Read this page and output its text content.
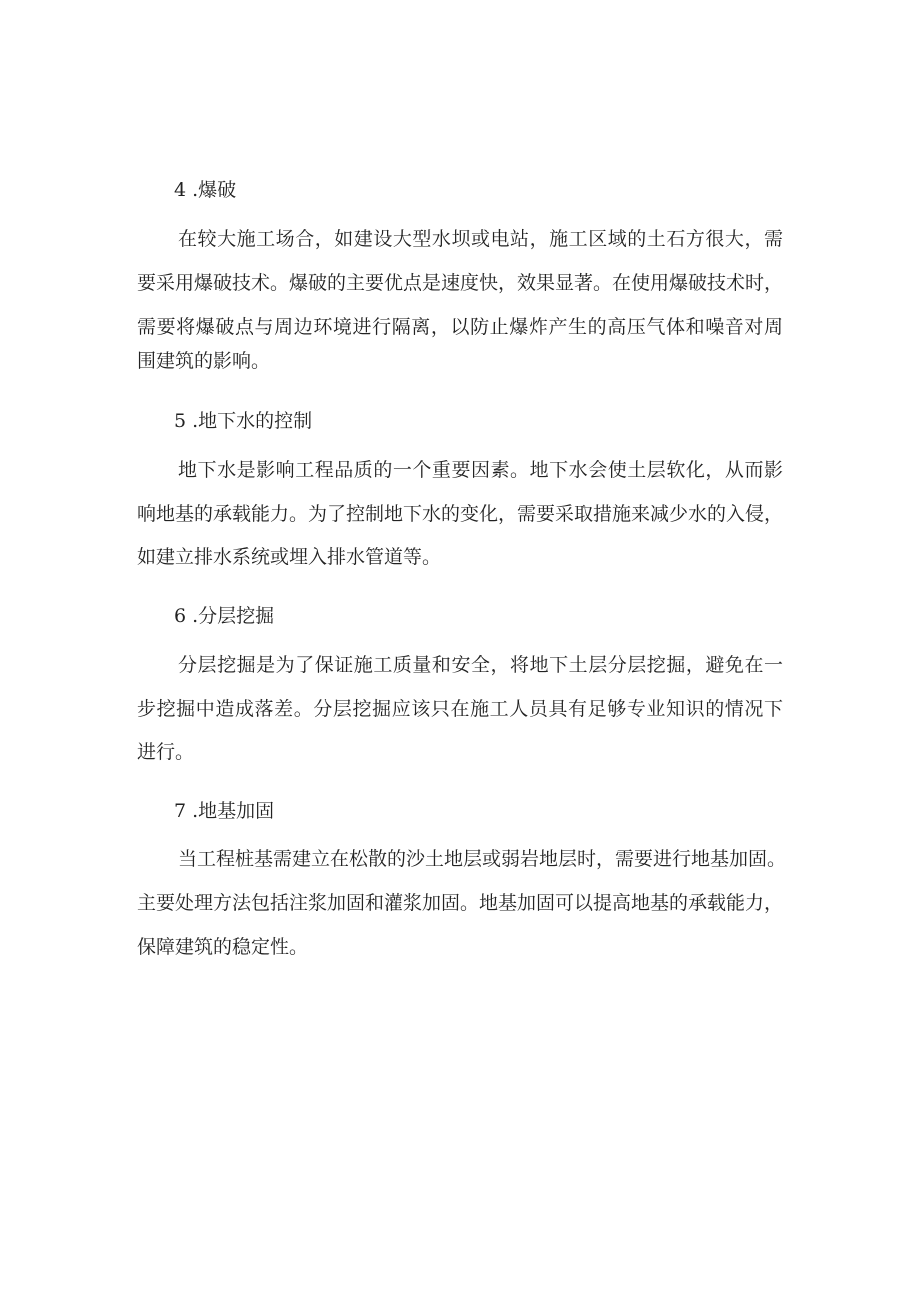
4 .爆破
在较大施工场合，如建设大型水坝或电站，施工区域的土石方很大，需
要采用爆破技术。爆破的主要优点是速度快，效果显著。在使用爆破技术时，
需要将爆破点与周边环境进行隔离，以防止爆炸产生的高压气体和噪音对周
围建筑的影响。
5 .地下水的控制
地下水是影响工程品质的一个重要因素。地下水会使土层软化，从而影
响地基的承载能力。为了控制地下水的变化，需要采取措施来减少水的入侵，
如建立排水系统或埋入排水管道等。
6 .分层挖掘
分层挖掘是为了保证施工质量和安全，将地下土层分层挖掘，避免在一
步挖掘中造成落差。分层挖掘应该只在施工人员具有足够专业知识的情况下
进行。
7 .地基加固
当工程桩基需建立在松散的沙土地层或弱岩地层时，需要进行地基加固。
主要处理方法包括注浆加固和灌浆加固。地基加固可以提高地基的承载能力，
保障建筑的稳定性。
